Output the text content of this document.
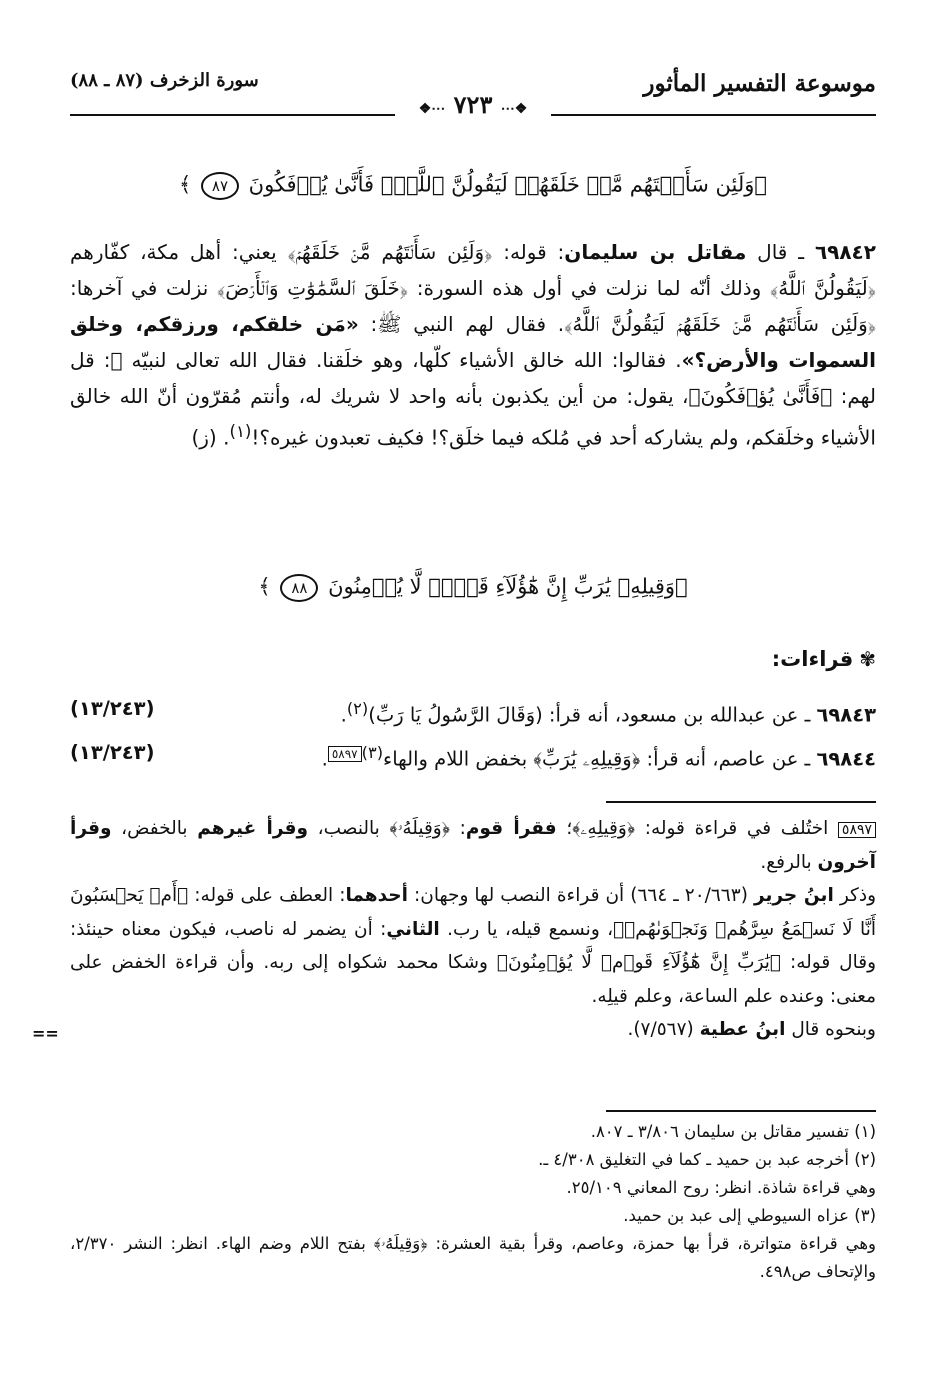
موسوعة التفسير المأثور
❖⋯ ٧٢٣ ⋯❖
سورة الزخرف (٨٧ ـ ٨٨)
﴿وَلَئِن سَأَلۡتَهُم مَّنۡ خَلَقَهُمۡ لَيَقُولُنَّ ٱللَّهُۖ فَأَنَّىٰ يُؤۡفَكُونَ ٨٧ ﴾
٦٩٨٤٢ ـ قال مقاتل بن سليمان: قوله: ﴿وَلَئِن سَأَلۡتَهُم مَّنۡ خَلَقَهُمۡ﴾ يعني: أهل مكة، كفّارهم ﴿لَيَقُولُنَّ ٱللَّهُ﴾ وذلك أنّه لما نزلت في أول هذه السورة: ﴿خَلَقَ ٱلسَّمَٰوَٰتِ وَٱلۡأَرۡضَ﴾ نزلت في آخرها: ﴿وَلَئِن سَأَلۡتَهُم مَّنۡ خَلَقَهُمۡ لَيَقُولُنَّ ٱللَّهُ﴾. فقال لهم النبي ﷺ: «مَن خلقكم، ورزقكم، وخلق السموات والأرض؟». فقالوا: الله خالق الأشياء كلّها، وهو خلَقنا. فقال الله تعالى لنبيّه ﷺ: قل لهم: ﴿فَأَنَّىٰ يُؤۡفَكُونَ﴾، يقول: من أين يكذبون بأنه واحد لا شريك له، وأنتم مُقرّون أنّ الله خالق الأشياء وخلَقكم، ولم يشاركه أحد في مُلكه فيما خلَق؟! فكيف تعبدون غيره؟!$^{(١)}$. (ز)
﴿وَقِيلِهِۦ يَٰرَبِّ إِنَّ هَٰٓؤُلَآءِ قَوۡمٞ لَّا يُؤۡمِنُونَ ٨٨ ﴾
✾قراءات:
٦٩٨٤٣ ـ عن عبدالله بن مسعود، أنه قرأ: (وَقَالَ الرَّسُولُ يَا رَبِّ)$^{(٢)}$.
(١٣/٢٤٣)
٦٩٨٤٤ ـ عن عاصم، أنه قرأ: ﴿وَقِيلِهِۦ يَٰرَبِّ﴾ بخفض اللام والهاء$^{(٣)}$٥٨٩٧.
(١٣/٢٤٣)
٥٨٩٧ اختُلف في قراءة قوله: ﴿وَقِيلِهِۦ﴾؛ فقرأ قوم: ﴿وَقِيلَهُۥ﴾ بالنصب، وقرأ غيرهم بالخفض، وقرأ آخرون بالرفع.
وذكر ابنُ جرير (٢٠/٦٦٣ ـ ٦٦٤) أن قراءة النصب لها وجهان: أحدهما: العطف على قوله: ﴿أَمۡ يَحۡسَبُونَ أَنَّا لَا نَسۡمَعُ سِرَّهُمۡ وَنَجۡوَىٰهُمۚ﴾، ونسمع قيله، يا رب. الثاني: أن يضمر له ناصب، فيكون معناه حينئذ: وقال قوله: ﴿يَٰرَبِّ إِنَّ هَٰٓؤُلَآءِ قَوۡمٞ لَّا يُؤۡمِنُونَ﴾ وشكا محمد شكواه إلى ربه. وأن قراءة الخفض على معنى: وعنده علم الساعة، وعلم قيلِه.
وبنحوه قال ابنُ عطية (٧/٥٦٧).
==
(١) تفسير مقاتل بن سليمان ٣/٨٠٦ ـ ٨٠٧.
(٢) أخرجه عبد بن حميد ـ كما في التغليق ٤/٣٠٨ ـ.
وهي قراءة شاذة. انظر: روح المعاني ٢٥/١٠٩.
(٣) عزاه السيوطي إلى عبد بن حميد.
وهي قراءة متواترة، قرأ بها حمزة، وعاصم، وقرأ بقية العشرة: ﴿وَقِيلَهُۥ﴾ بفتح اللام وضم الهاء. انظر: النشر ٢/٣٧٠، والإتحاف ص٤٩٨.
